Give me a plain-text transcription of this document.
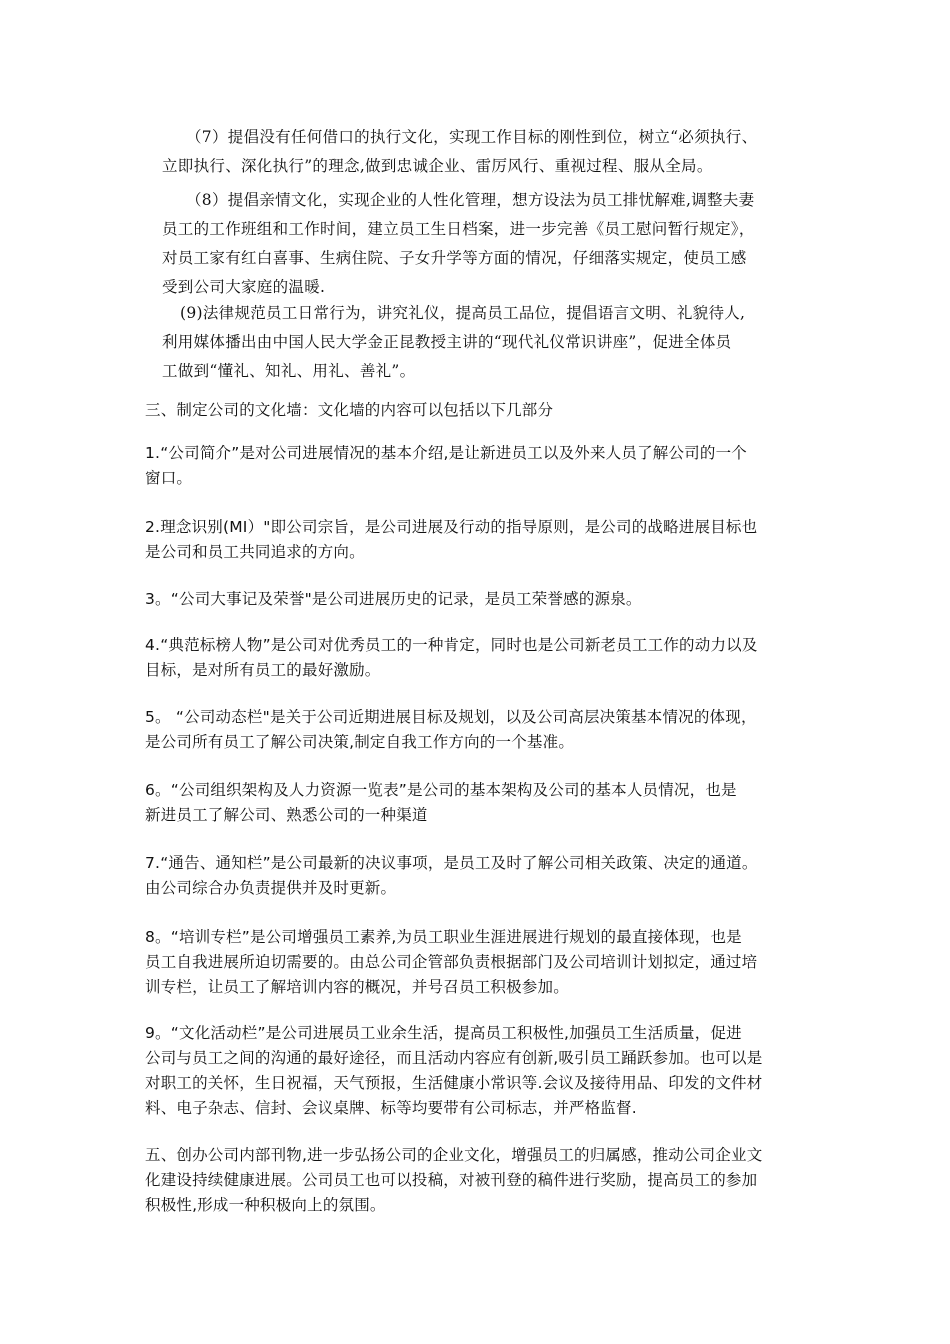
（7）提倡没有任何借口的执行文化，实现工作目标的刚性到位，树立“必须执行、
立即执行、深化执行”的理念,做到忠诚企业、雷厉风行、重视过程、服从全局。
（8）提倡亲情文化，实现企业的人性化管理，想方设法为员工排忧解难,调整夫妻
员工的工作班组和工作时间，建立员工生日档案，进一步完善《员工慰问暂行规定》，
对员工家有红白喜事、生病住院、子女升学等方面的情况，仔细落实规定，使员工感
受到公司大家庭的温暖.
(9)法律规范员工日常行为，讲究礼仪，提高员工品位，提倡语言文明、礼貌待人,
利用媒体播出由中国人民大学金正昆教授主讲的“现代礼仪常识讲座”，促进全体员
工做到“懂礼、知礼、用礼、善礼”。
三、制定公司的文化墙：文化墙的内容可以包括以下几部分
1.“公司简介”是对公司进展情况的基本介绍,是让新进员工以及外来人员了解公司的一个
窗口。
2.理念识别(MI）"即公司宗旨，是公司进展及行动的指导原则，是公司的战略进展目标也
是公司和员工共同追求的方向。
3。“公司大事记及荣誉"是公司进展历史的记录，是员工荣誉感的源泉。
4.“典范标榜人物”是公司对优秀员工的一种肯定，同时也是公司新老员工工作的动力以及
目标，是对所有员工的最好激励。
5。 “公司动态栏"是关于公司近期进展目标及规划，以及公司高层决策基本情况的体现，
是公司所有员工了解公司决策,制定自我工作方向的一个基准。
6。“公司组织架构及人力资源一览表”是公司的基本架构及公司的基本人员情况，也是
新进员工了解公司、熟悉公司的一种渠道
7.“通告、通知栏”是公司最新的决议事项，是员工及时了解公司相关政策、决定的通道。
由公司综合办负责提供并及时更新。
8。“培训专栏”是公司增强员工素养,为员工职业生涯进展进行规划的最直接体现，也是
员工自我进展所迫切需要的。由总公司企管部负责根据部门及公司培训计划拟定，通过培
训专栏，让员工了解培训内容的概况，并号召员工积极参加。
9。“文化活动栏”是公司进展员工业余生活，提高员工积极性,加强员工生活质量，促进
公司与员工之间的沟通的最好途径，而且活动内容应有创新,吸引员工踊跃参加。也可以是
对职工的关怀，生日祝福，天气预报，生活健康小常识等.会议及接待用品、印发的文件材
料、电子杂志、信封、会议桌牌、标等均要带有公司标志，并严格监督.
五、创办公司内部刊物,进一步弘扬公司的企业文化，增强员工的归属感，推动公司企业文
化建设持续健康进展。公司员工也可以投稿，对被刊登的稿件进行奖励，提高员工的参加
积极性,形成一种积极向上的氛围。
